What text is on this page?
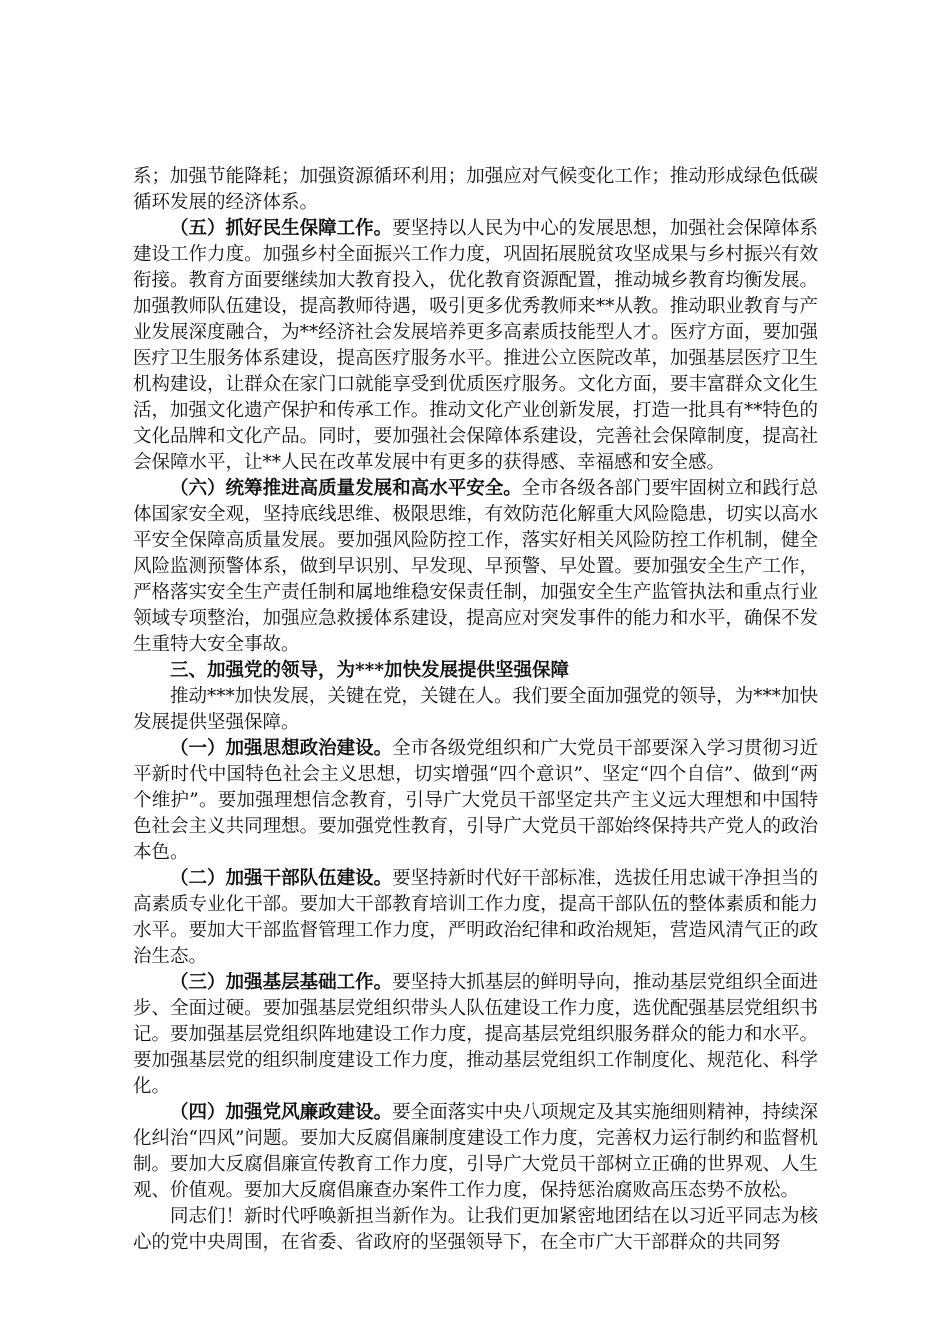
系；加强节能降耗；加强资源循环利用；加强应对气候变化工作；推动形成绿色低碳循环发展的经济体系。

（五）抓好民生保障工作。要坚持以人民为中心的发展思想，加强社会保障体系建设工作力度。加强乡村全面振兴工作力度，巩固拓展脱贫攻坚成果与乡村振兴有效衔接。教育方面要继续加大教育投入，优化教育资源配置，推动城乡教育均衡发展。加强教师队伍建设，提高教师待遇，吸引更多优秀教师来**从教。推动职业教育与产业发展深度融合，为**经济社会发展培养更多高素质技能型人才。医疗方面，要加强医疗卫生服务体系建设，提高医疗服务水平。推进公立医院改革，加强基层医疗卫生机构建设，让群众在家门口就能享受到优质医疗服务。文化方面，要丰富群众文化生活，加强文化遗产保护和传承工作。推动文化产业创新发展，打造一批具有**特色的文化品牌和文化产品。同时，要加强社会保障体系建设，完善社会保障制度，提高社会保障水平，让**人民在改革发展中有更多的获得感、幸福感和安全感。

（六）统筹推进高质量发展和高水平安全。全市各级各部门要牢固树立和践行总体国家安全观，坚持底线思维、极限思维，有效防范化解重大风险隐患，切实以高水平安全保障高质量发展。要加强风险防控工作，落实好相关风险防控工作机制，健全风险监测预警体系，做到早识别、早发现、早预警、早处置。要加强安全生产工作，严格落实安全生产责任制和属地维稳安保责任制，加强安全生产监管执法和重点行业领域专项整治，加强应急救援体系建设，提高应对突发事件的能力和水平，确保不发生重特大安全事故。

三、加强党的领导，为***加快发展提供坚强保障

推动***加快发展，关键在党，关键在人。我们要全面加强党的领导，为***加快发展提供坚强保障。

（一）加强思想政治建设。全市各级党组织和广大党员干部要深入学习贯彻习近平新时代中国特色社会主义思想，切实增强“四个意识”、坚定“四个自信”、做到“两个维护”。要加强理想信念教育，引导广大党员干部坚定共产主义远大理想和中国特色社会主义共同理想。要加强党性教育，引导广大党员干部始终保持共产党人的政治本色。

（二）加强干部队伍建设。要坚持新时代好干部标准，选拔任用忠诚干净担当的高素质专业化干部。要加大干部教育培训工作力度，提高干部队伍的整体素质和能力水平。要加大干部监督管理工作力度，严明政治纪律和政治规矩，营造风清气正的政治生态。

（三）加强基层基础工作。要坚持大抓基层的鲜明导向，推动基层党组织全面进步、全面过硬。要加强基层党组织带头人队伍建设工作力度，选优配强基层党组织书记。要加强基层党组织阵地建设工作力度，提高基层党组织服务群众的能力和水平。要加强基层党的组织制度建设工作力度，推动基层党组织工作制度化、规范化、科学化。

（四）加强党风廉政建设。要全面落实中央八项规定及其实施细则精神，持续深化纠治“四风”问题。要加大反腐倡廉制度建设工作力度，完善权力运行制约和监督机制。要加大反腐倡廉宣传教育工作力度，引导广大党员干部树立正确的世界观、人生观、价值观。要加大反腐倡廉查办案件工作力度，保持惩治腐败高压态势不放松。

同志们！新时代呼唤新担当新作为。让我们更加紧密地团结在以习近平同志为核心的党中央周围，在省委、省政府的坚强领导下，在全市广大干部群众的共同努
